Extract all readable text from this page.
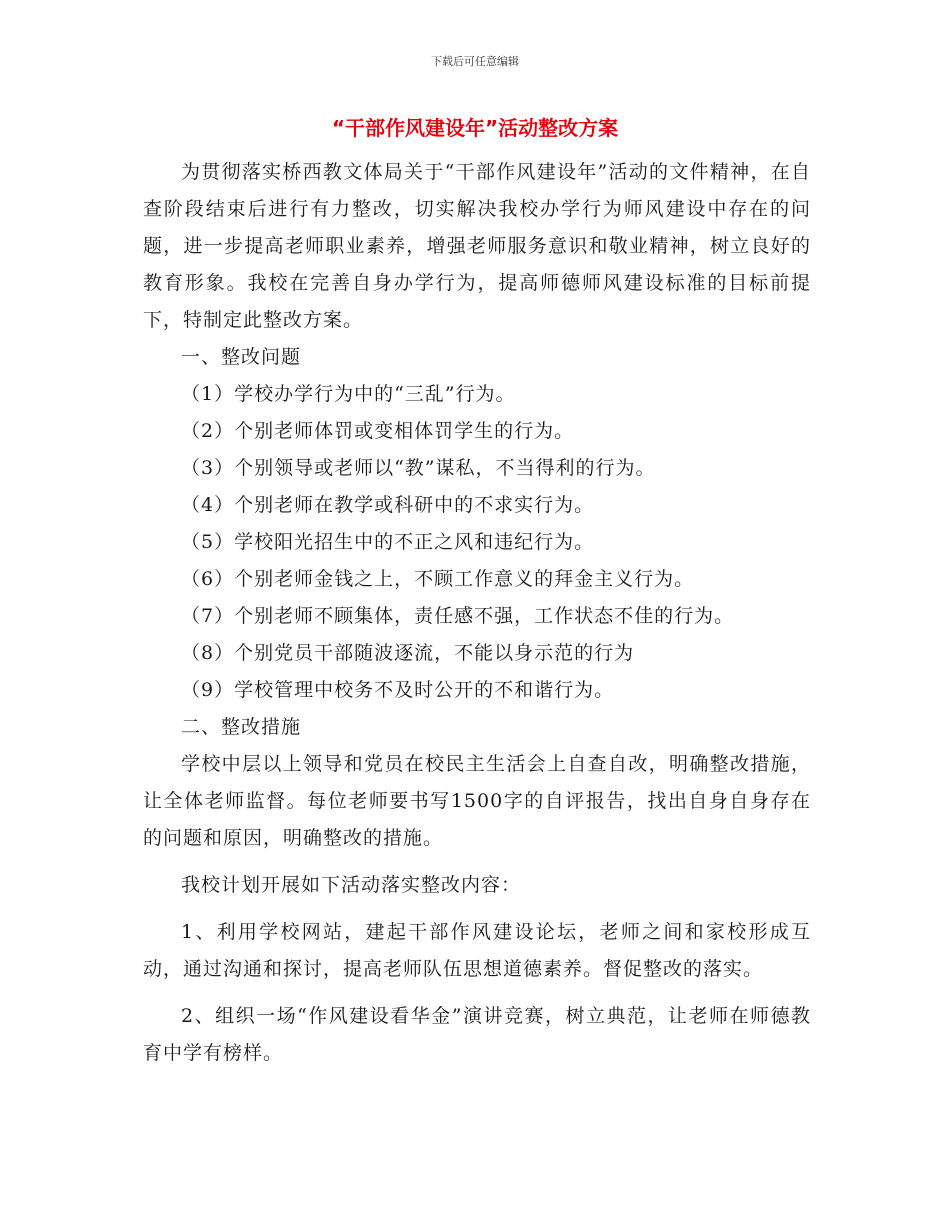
下载后可任意编辑
“干部作风建设年”活动整改方案

为贯彻落实桥西教文体局关于“干部作风建设年”活动的文件精神，在自查阶段结束后进行有力整改，切实解决我校办学行为师风建设中存在的问题，进一步提高老师职业素养，增强老师服务意识和敬业精神，树立良好的教育形象。我校在完善自身办学行为，提高师德师风建设标准的目标前提下，特制定此整改方案。

一、整改问题

（1）学校办学行为中的“三乱”行为。

（2）个别老师体罚或变相体罚学生的行为。

（3）个别领导或老师以“教”谋私，不当得利的行为。

（4）个别老师在教学或科研中的不求实行为。

（5）学校阳光招生中的不正之风和违纪行为。

（6）个别老师金钱之上，不顾工作意义的拜金主义行为。

（7）个别老师不顾集体，责任感不强，工作状态不佳的行为。

（8）个别党员干部随波逐流，不能以身示范的行为

（9）学校管理中校务不及时公开的不和谐行为。

二、整改措施

学校中层以上领导和党员在校民主生活会上自查自改，明确整改措施，让全体老师监督。每位老师要书写1500字的自评报告，找出自身自身存在的问题和原因，明确整改的措施。

我校计划开展如下活动落实整改内容：

1、利用学校网站，建起干部作风建设论坛，老师之间和家校形成互动，通过沟通和探讨，提高老师队伍思想道德素养。督促整改的落实。

2、组织一场“作风建设看华金”演讲竞赛，树立典范，让老师在师德教育中学有榜样。
